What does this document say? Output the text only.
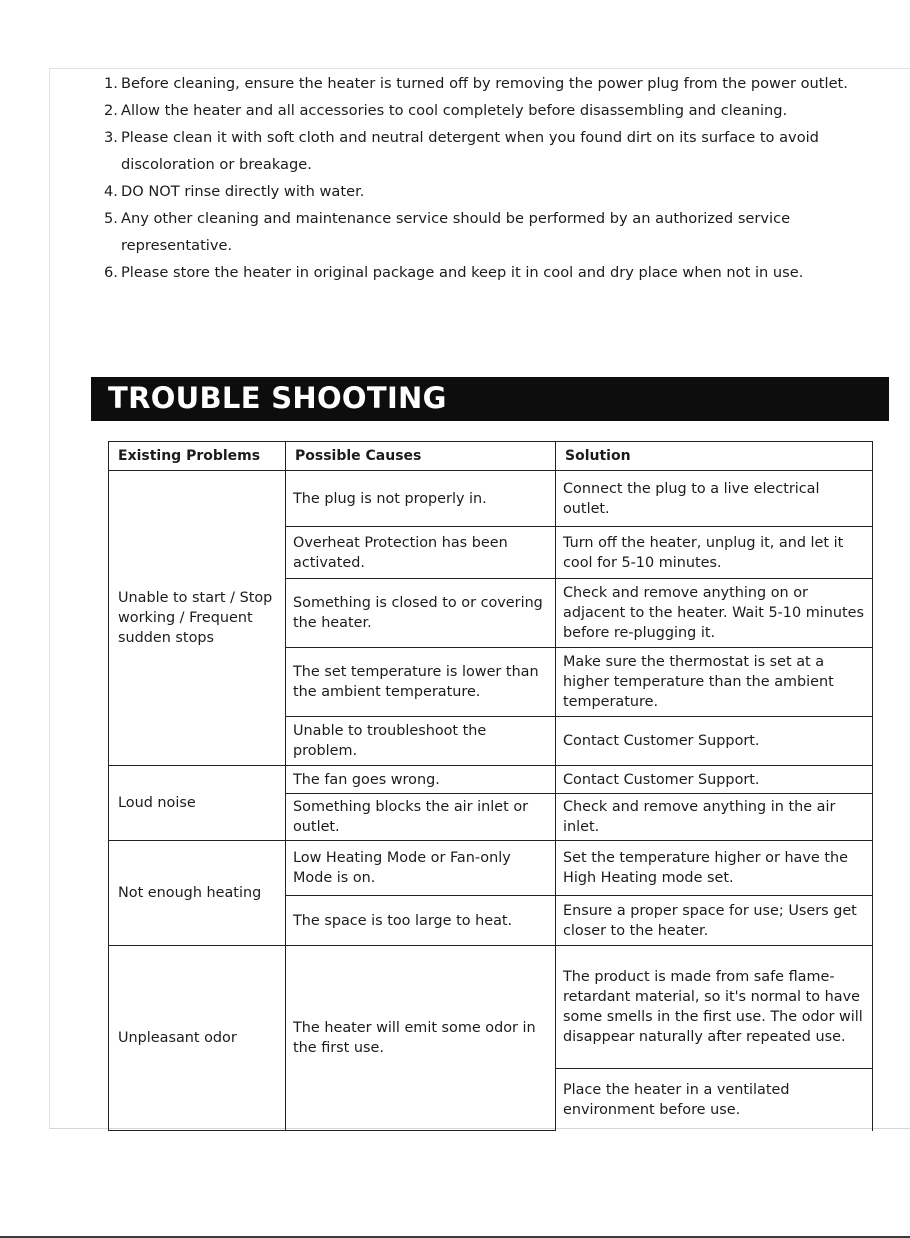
1. Before cleaning, ensure the heater is turned off by removing the power plug from the power outlet.
2. Allow the heater and all accessories to cool completely before disassembling and cleaning.
3. Please clean it with soft cloth and neutral detergent when you found dirt on its surface to avoid discoloration or breakage.
4. DO NOT rinse directly with water.
5. Any other cleaning and maintenance service should be performed by an authorized service representative.
6. Please store the heater in original package and keep it in cool and dry place when not in use.
TROUBLE SHOOTING
Existing Problems	Possible Causes	Solution
Unable to start / Stop working / Frequent sudden stops	The plug is not properly in.	Connect the plug to a live electrical outlet.
	Overheat Protection has been activated.	Turn off the heater, unplug it, and let it cool for 5-10 minutes.
	Something is closed to or covering the heater.	Check and remove anything on or adjacent to the heater. Wait 5-10 minutes before re-plugging it.
	The set temperature is lower than the ambient temperature.	Make sure the thermostat is set at a higher temperature than the ambient temperature.
	Unable to troubleshoot the problem.	Contact Customer Support.
Loud noise	The fan goes wrong.	Contact Customer Support.
	Something blocks the air inlet or outlet.	Check and remove anything in the air inlet.
Not enough heating	Low Heating Mode or Fan-only Mode is on.	Set the temperature higher or have the High Heating mode set.
	The space is too large to heat.	Ensure a proper space for use; Users get closer to the heater.
Unpleasant odor	The heater will emit some odor in the first use.	The product is made from safe flame-retardant material, so it's normal to have some smells in the first use. The odor will disappear naturally after repeated use.
		Place the heater in a ventilated environment before use.
